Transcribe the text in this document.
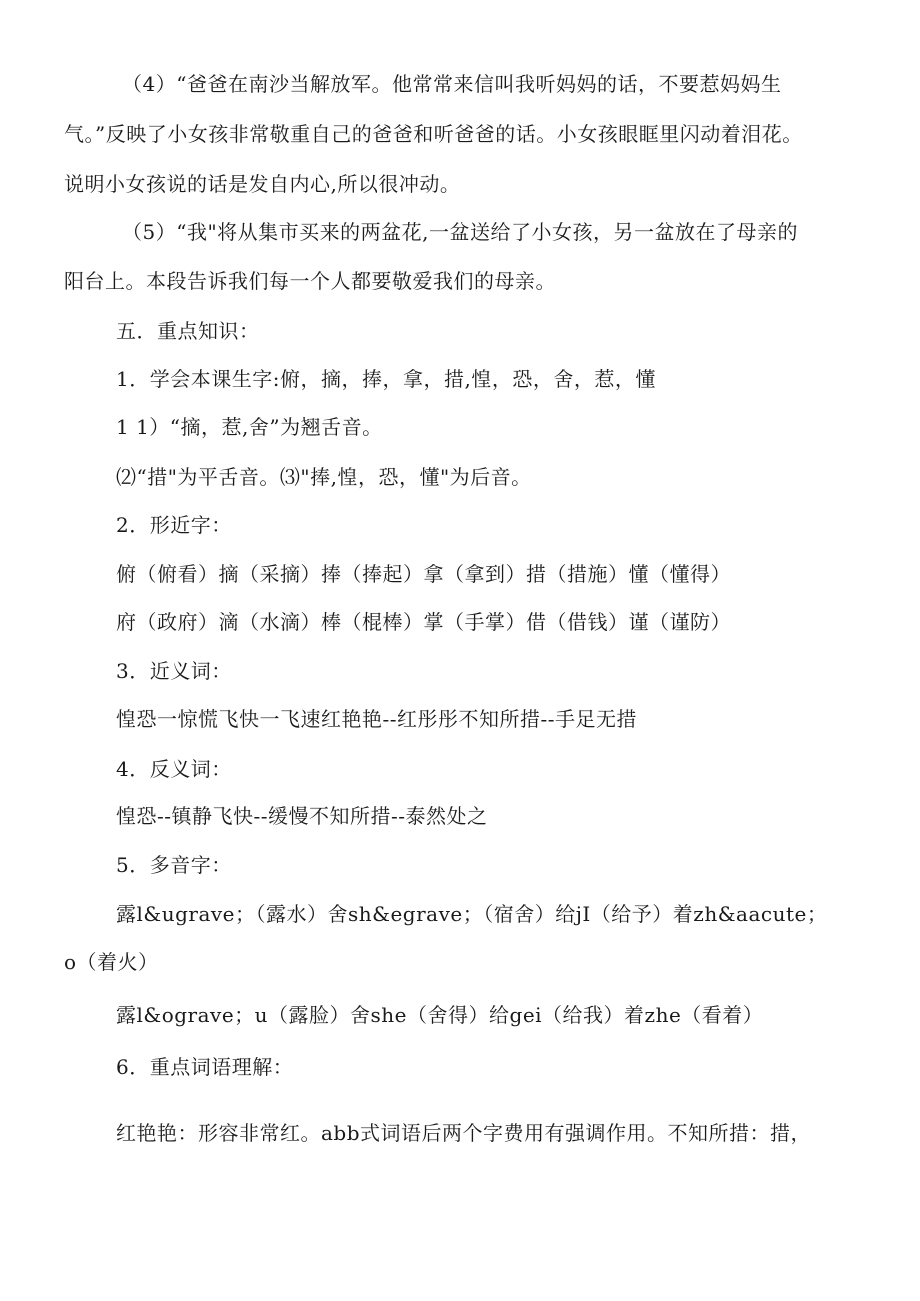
（4）“爸爸在南沙当解放军。他常常来信叫我听妈妈的话，不要惹妈妈生
气。”反映了小女孩非常敬重自己的爸爸和听爸爸的话。小女孩眼眶里闪动着泪花。
说明小女孩说的话是发自内心,所以很冲动。
（5）“我"将从集市买来的两盆花,一盆送给了小女孩，另一盆放在了母亲的
阳台上。本段告诉我们每一个人都要敬爱我们的母亲。
五．重点知识：
1．学会本课生字:俯，摘，捧，拿，措,惶，恐，舍，惹，懂
1 1）“摘，惹,舍”为翘舌音。
⑵“措"为平舌音。⑶"捧,惶，恐，懂"为后音。
2．形近字：
俯（俯看）摘（采摘）捧（捧起）拿（拿到）措（措施）懂（懂得）
府（政府）滴（水滴）棒（棍棒）掌（手掌）借（借钱）谨（谨防）
3．近义词：
惶恐一惊慌飞快一飞速红艳艳--红彤彤不知所措--手足无措
4．反义词：
惶恐--镇静飞快--缓慢不知所措--泰然处之
5．多音字：
露l&ugrave；（露水）舍sh&egrave；（宿舍）给jI（给予）着zh&aacute；
o（着火）
露l&ograve；u（露脸）舍she（舍得）给gei（给我）着zhe（看着）
6．重点词语理解：
红艳艳：形容非常红。abb式词语后两个字费用有强调作用。不知所措：措，
